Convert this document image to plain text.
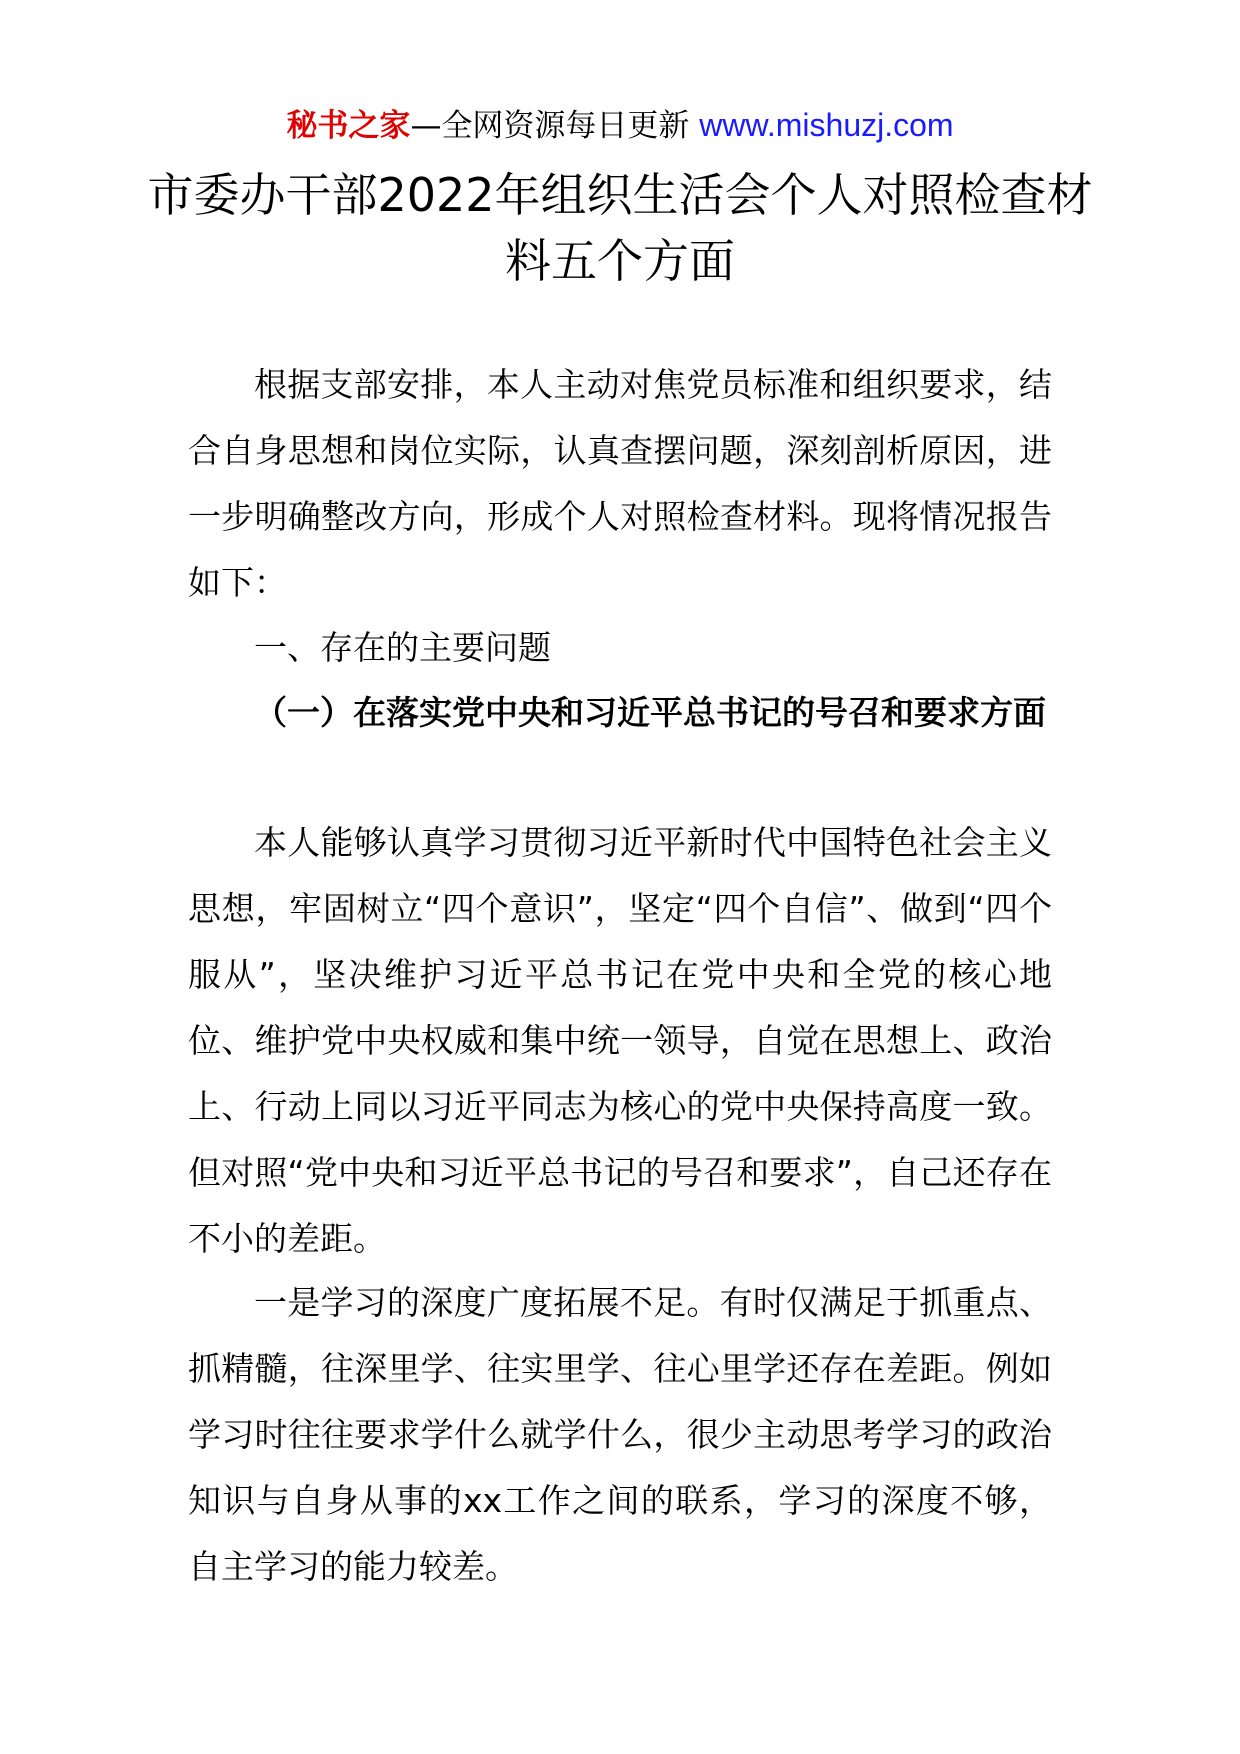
秘书之家—全网资源每日更新 www.mishuzj.com
市委办干部2022年组织生活会个人对照检查材料五个方面

根据支部安排，本人主动对焦党员标准和组织要求，结合自身思想和岗位实际，认真查摆问题，深刻剖析原因，进一步明确整改方向，形成个人对照检查材料。现将情况报告如下：

一、存在的主要问题

（一）在落实党中央和习近平总书记的号召和要求方面

本人能够认真学习贯彻习近平新时代中国特色社会主义思想，牢固树立“四个意识”，坚定“四个自信”、做到“四个服从”，坚决维护习近平总书记在党中央和全党的核心地位、维护党中央权威和集中统一领导，自觉在思想上、政治上、行动上同以习近平同志为核心的党中央保持高度一致。但对照“党中央和习近平总书记的号召和要求”，自己还存在不小的差距。

一是学习的深度广度拓展不足。有时仅满足于抓重点、抓精髓，往深里学、往实里学、往心里学还存在差距。例如学习时往往要求学什么就学什么，很少主动思考学习的政治知识与自身从事的xx工作之间的联系，学习的深度不够，自主学习的能力较差。
